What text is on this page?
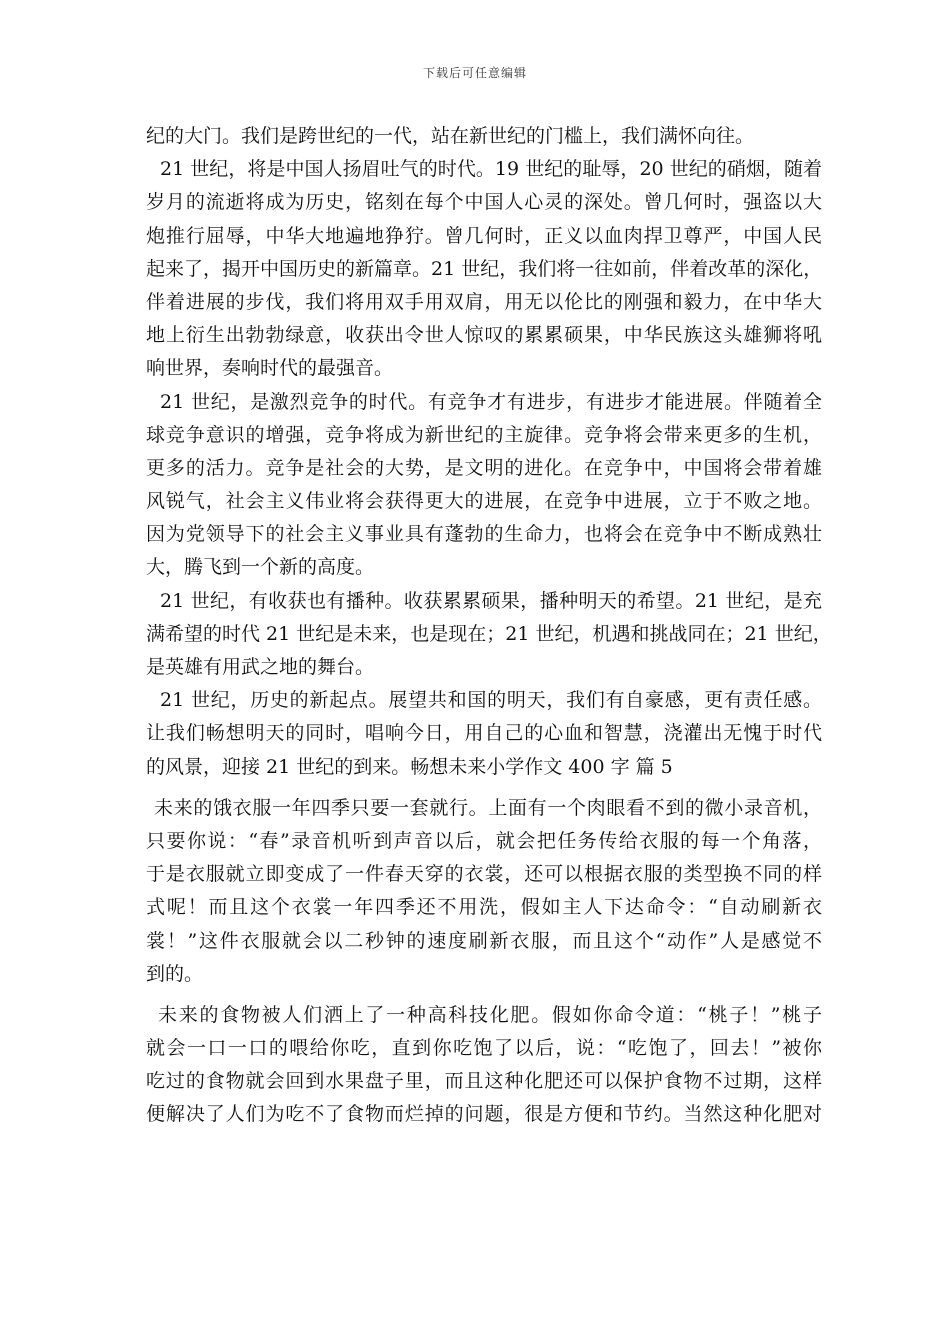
下载后可任意编辑
纪的大门。我们是跨世纪的一代，站在新世纪的门槛上，我们满怀向往。
21 世纪，将是中国人扬眉吐气的时代。19 世纪的耻辱，20 世纪的硝烟，随着
岁月的流逝将成为历史，铭刻在每个中国人心灵的深处。曾几何时，强盗以大
炮推行屈辱，中华大地遍地狰狞。曾几何时，正义以血肉捍卫尊严，中国人民
起来了，揭开中国历史的新篇章。21 世纪，我们将一往如前，伴着改革的深化，
伴着进展的步伐，我们将用双手用双肩，用无以伦比的刚强和毅力，在中华大
地上衍生出勃勃绿意，收获出令世人惊叹的累累硕果，中华民族这头雄狮将吼
响世界，奏响时代的最强音。
21 世纪，是激烈竞争的时代。有竞争才有进步，有进步才能进展。伴随着全
球竞争意识的增强，竞争将成为新世纪的主旋律。竞争将会带来更多的生机，
更多的活力。竞争是社会的大势，是文明的进化。在竞争中，中国将会带着雄
风锐气，社会主义伟业将会获得更大的进展，在竞争中进展，立于不败之地。
因为党领导下的社会主义事业具有蓬勃的生命力，也将会在竞争中不断成熟壮
大，腾飞到一个新的高度。
21 世纪，有收获也有播种。收获累累硕果，播种明天的希望。21 世纪，是充
满希望的时代 21 世纪是未来，也是现在；21 世纪，机遇和挑战同在；21 世纪，
是英雄有用武之地的舞台。
21 世纪，历史的新起点。展望共和国的明天，我们有自豪感，更有责任感。
让我们畅想明天的同时，唱响今日，用自己的心血和智慧，浇灌出无愧于时代
的风景，迎接 21 世纪的到来。畅想未来小学作文 400 字 篇 5
未来的饿衣服一年四季只要一套就行。上面有一个肉眼看不到的微小录音机，
只要你说：“春”录音机听到声音以后，就会把任务传给衣服的每一个角落，
于是衣服就立即变成了一件春天穿的衣裳，还可以根据衣服的类型换不同的样
式呢！而且这个衣裳一年四季还不用洗，假如主人下达命令：“自动刷新衣
裳！”这件衣服就会以二秒钟的速度刷新衣服，而且这个“动作”人是感觉不
到的。
未来的食物被人们洒上了一种高科技化肥。假如你命令道：“桃子！”桃子
就会一口一口的喂给你吃，直到你吃饱了以后，说：“吃饱了，回去！”被你
吃过的食物就会回到水果盘子里，而且这种化肥还可以保护食物不过期，这样
便解决了人们为吃不了食物而烂掉的问题，很是方便和节约。当然这种化肥对
